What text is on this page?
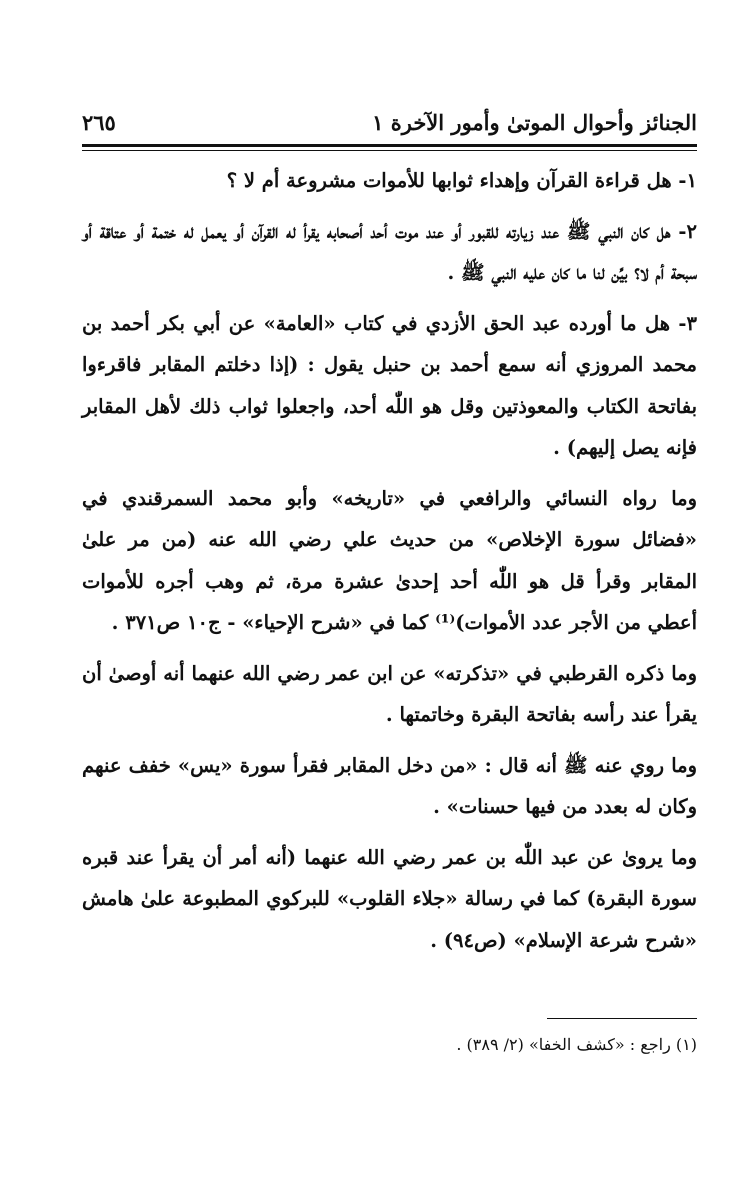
الجنائز وأحوال الموتىٰ وأمور الآخرة ١
٢٦٥

١- هل قراءة القرآن وإهداء ثوابها للأموات مشروعة أم لا ؟

٢- هل كان النبي ﷺ عند زيارته للقبور أو عند موت أحد أصحابه يقرأ له القرآن أو يعمل له ختمة أو عتاقة أو سبحة أم لا؟ بيِّن لنا ما كان عليه النبي ﷺ .

٣- هل ما أورده عبد الحق الأزدي في كتاب «العامة» عن أبي بكر أحمد بن محمد المروزي أنه سمع أحمد بن حنبل يقول : (إذا دخلتم المقابر فاقرءوا بفاتحة الكتاب والمعوذتين وقل هو اللّٰه أحد، واجعلوا ثواب ذلك لأهل المقابر فإنه يصل إليهم) .

وما رواه النسائي والرافعي في «تاريخه» وأبو محمد السمرقندي في «فضائل سورة الإخلاص» من حديث علي رضي الله عنه (من مر علىٰ المقابر وقرأ قل هو اللّٰه أحد إحدىٰ عشرة مرة، ثم وهب أجره للأموات أعطي من الأجر عدد الأموات)⁽¹⁾ كما في «شرح الإحياء» - ج١٠ ص٣٧١ .

وما ذكره القرطبي في «تذكرته» عن ابن عمر رضي الله عنهما أنه أوصىٰ أن يقرأ عند رأسه بفاتحة البقرة وخاتمتها .

وما روي عنه ﷺ أنه قال : «من دخل المقابر فقرأ سورة «يس» خفف عنهم وكان له بعدد من فيها حسنات» .

وما يروىٰ عن عبد اللّٰه بن عمر رضي الله عنهما (أنه أمر أن يقرأ عند قبره سورة البقرة) كما في رسالة «جلاء القلوب» للبركوي المطبوعة علىٰ هامش «شرح شرعة الإسلام» (ص٩٤) .

(١) راجع : «كشف الخفا» (٢/ ٣٨٩) .
